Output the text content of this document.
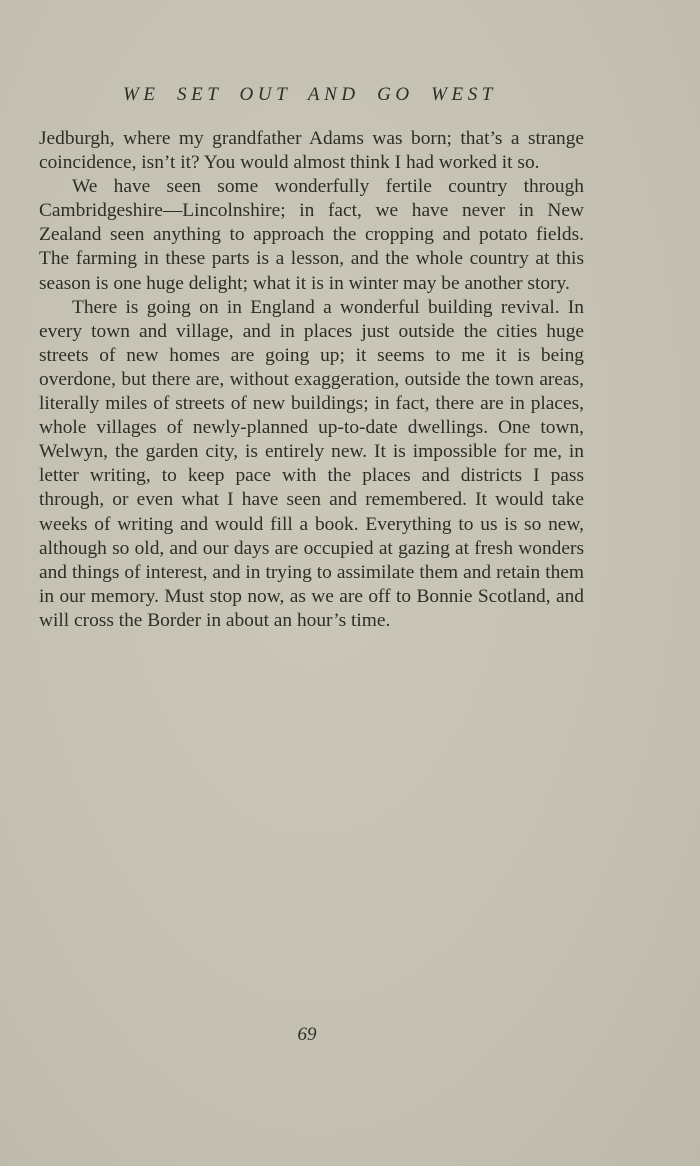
WE SET OUT AND GO WEST

Jedburgh, where my grandfather Adams was born; that’s a strange coincidence, isn’t it? You would almost think I had worked it so.

We have seen some wonderfully fertile country through Cambridgeshire—Lincolnshire; in fact, we have never in New Zealand seen anything to approach the cropping and potato fields. The farming in these parts is a lesson, and the whole country at this season is one huge delight; what it is in winter may be another story.

There is going on in England a wonderful building revival. In every town and village, and in places just outside the cities huge streets of new homes are going up; it seems to me it is being overdone, but there are, without exaggeration, outside the town areas, literally miles of streets of new buildings; in fact, there are in places, whole villages of newly-planned up-to-date dwellings. One town, Welwyn, the garden city, is entirely new. It is impossible for me, in letter writing, to keep pace with the places and districts I pass through, or even what I have seen and remembered. It would take weeks of writing and would fill a book. Everything to us is so new, although so old, and our days are occupied at gazing at fresh wonders and things of interest, and in trying to assimilate them and retain them in our memory. Must stop now, as we are off to Bonnie Scotland, and will cross the Border in about an hour’s time.

69
